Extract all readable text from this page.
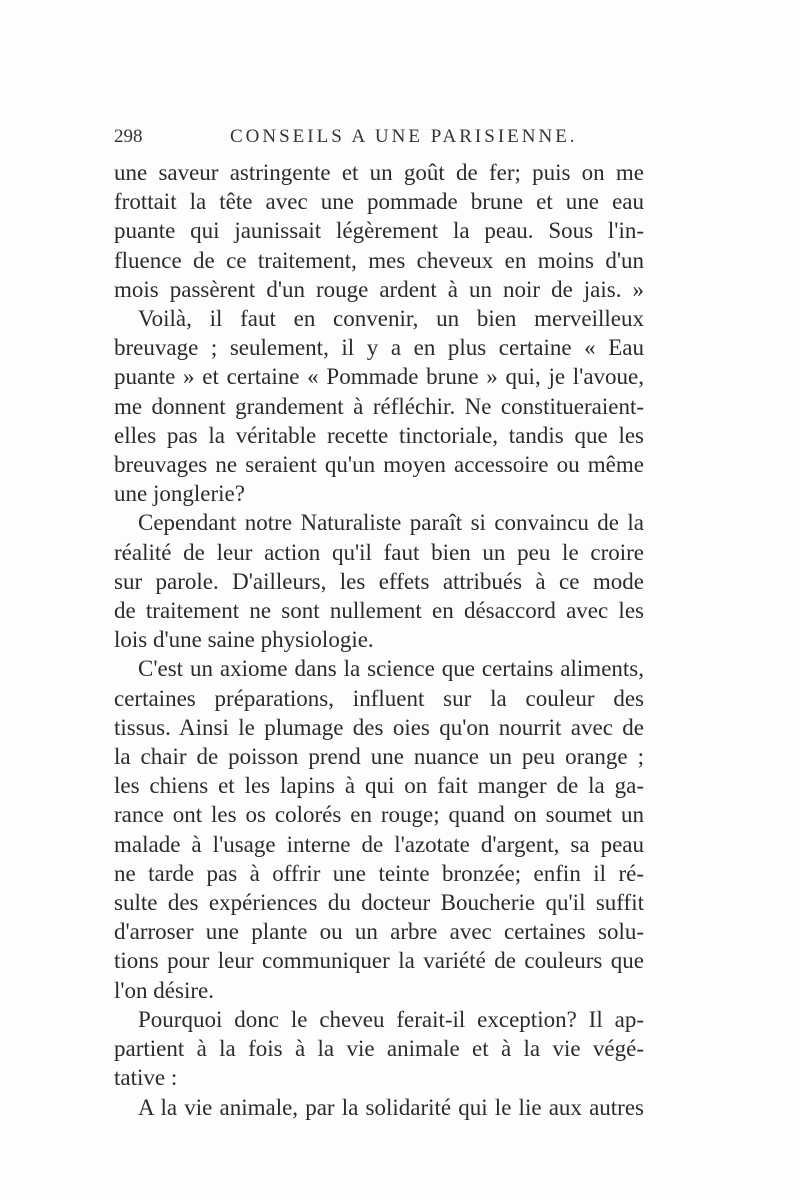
298	CONSEILS A UNE PARISIENNE.
une saveur astringente et un goût de fer; puis on me
frottait la tête avec une pommade brune et une eau
puante qui jaunissait légèrement la peau. Sous l'in-
fluence de ce traitement, mes cheveux en moins d'un
mois passèrent d'un rouge ardent à un noir de jais. »
Voilà, il faut en convenir, un bien merveilleux
breuvage ; seulement, il y a en plus certaine « Eau
puante » et certaine « Pommade brune » qui, je l'avoue,
me donnent grandement à réfléchir. Ne constitueraient-
elles pas la véritable recette tinctoriale, tandis que les
breuvages ne seraient qu'un moyen accessoire ou même
une jonglerie?
Cependant notre Naturaliste paraît si convaincu de la
réalité de leur action qu'il faut bien un peu le croire
sur parole. D'ailleurs, les effets attribués à ce mode
de traitement ne sont nullement en désaccord avec les
lois d'une saine physiologie.
C'est un axiome dans la science que certains aliments,
certaines préparations, influent sur la couleur des
tissus. Ainsi le plumage des oies qu'on nourrit avec de
la chair de poisson prend une nuance un peu orange ;
les chiens et les lapins à qui on fait manger de la ga-
rance ont les os colorés en rouge; quand on soumet un
malade à l'usage interne de l'azotate d'argent, sa peau
ne tarde pas à offrir une teinte bronzée; enfin il ré-
sulte des expériences du docteur Boucherie qu'il suffit
d'arroser une plante ou un arbre avec certaines solu-
tions pour leur communiquer la variété de couleurs que
l'on désire.
Pourquoi donc le cheveu ferait-il exception? Il ap-
partient à la fois à la vie animale et à la vie végé-
tative :
A la vie animale, par la solidarité qui le lie aux autres
